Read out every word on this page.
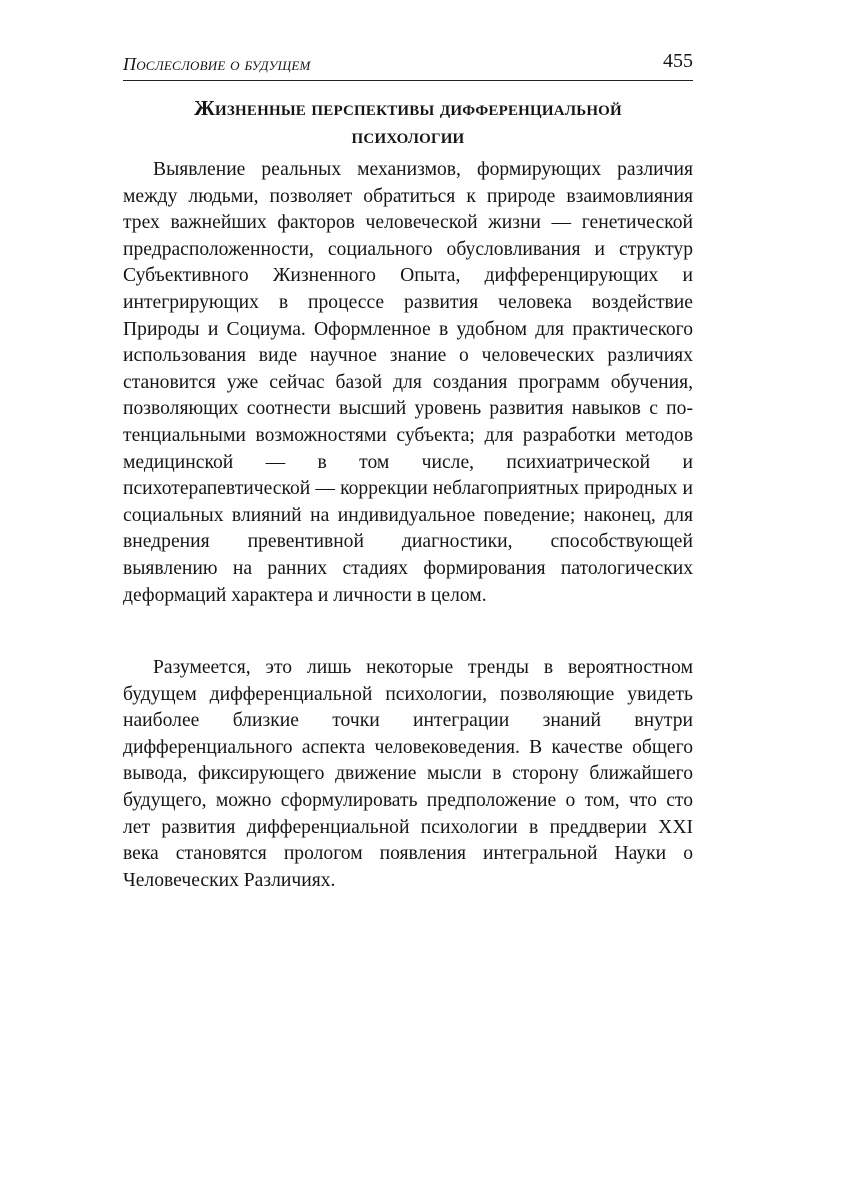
Послесловие о будущем	455
Жизненные перспективы дифференциальной
психологии

Выявление реальных механизмов, формирующих различия между людьми, позволяет обратиться к природе взаимовлияния трех важнейших факторов человеческой жизни — генетической предрасположенности, социального обусловливания и структур Субъективного Жизненного Опыта, дифференцирующих и интегрирующих в процессе развития человека воздействие Природы и Социума. Оформленное в удобном для практического использования виде научное знание о человеческих различиях становится уже сейчас базой для создания программ обучения, позволяющих соотнести высший уровень развития навыков с потенциальными возможностями субъекта; для разработки методов медицинской — в том числе, психиатрической и психотерапевтической — коррекции неблагоприятных природных и социальных влияний на индивидуальное поведение; наконец, для внедрения превентивной диагностики, способствующей выявлению на ранних стадиях формирования патологических деформаций характера и личности в целом.

Разумеется, это лишь некоторые тренды в вероятностном будущем дифференциальной психологии, позволяющие увидеть наиболее близкие точки интеграции знаний внутри дифференциального аспекта человековедения. В качестве общего вывода, фиксирующего движение мысли в сторону ближайшего будущего, можно сформулировать предположение о том, что сто лет развития дифференциальной психологии в преддверии XXI века становятся прологом появления интегральной Науки о Человеческих Различиях.
